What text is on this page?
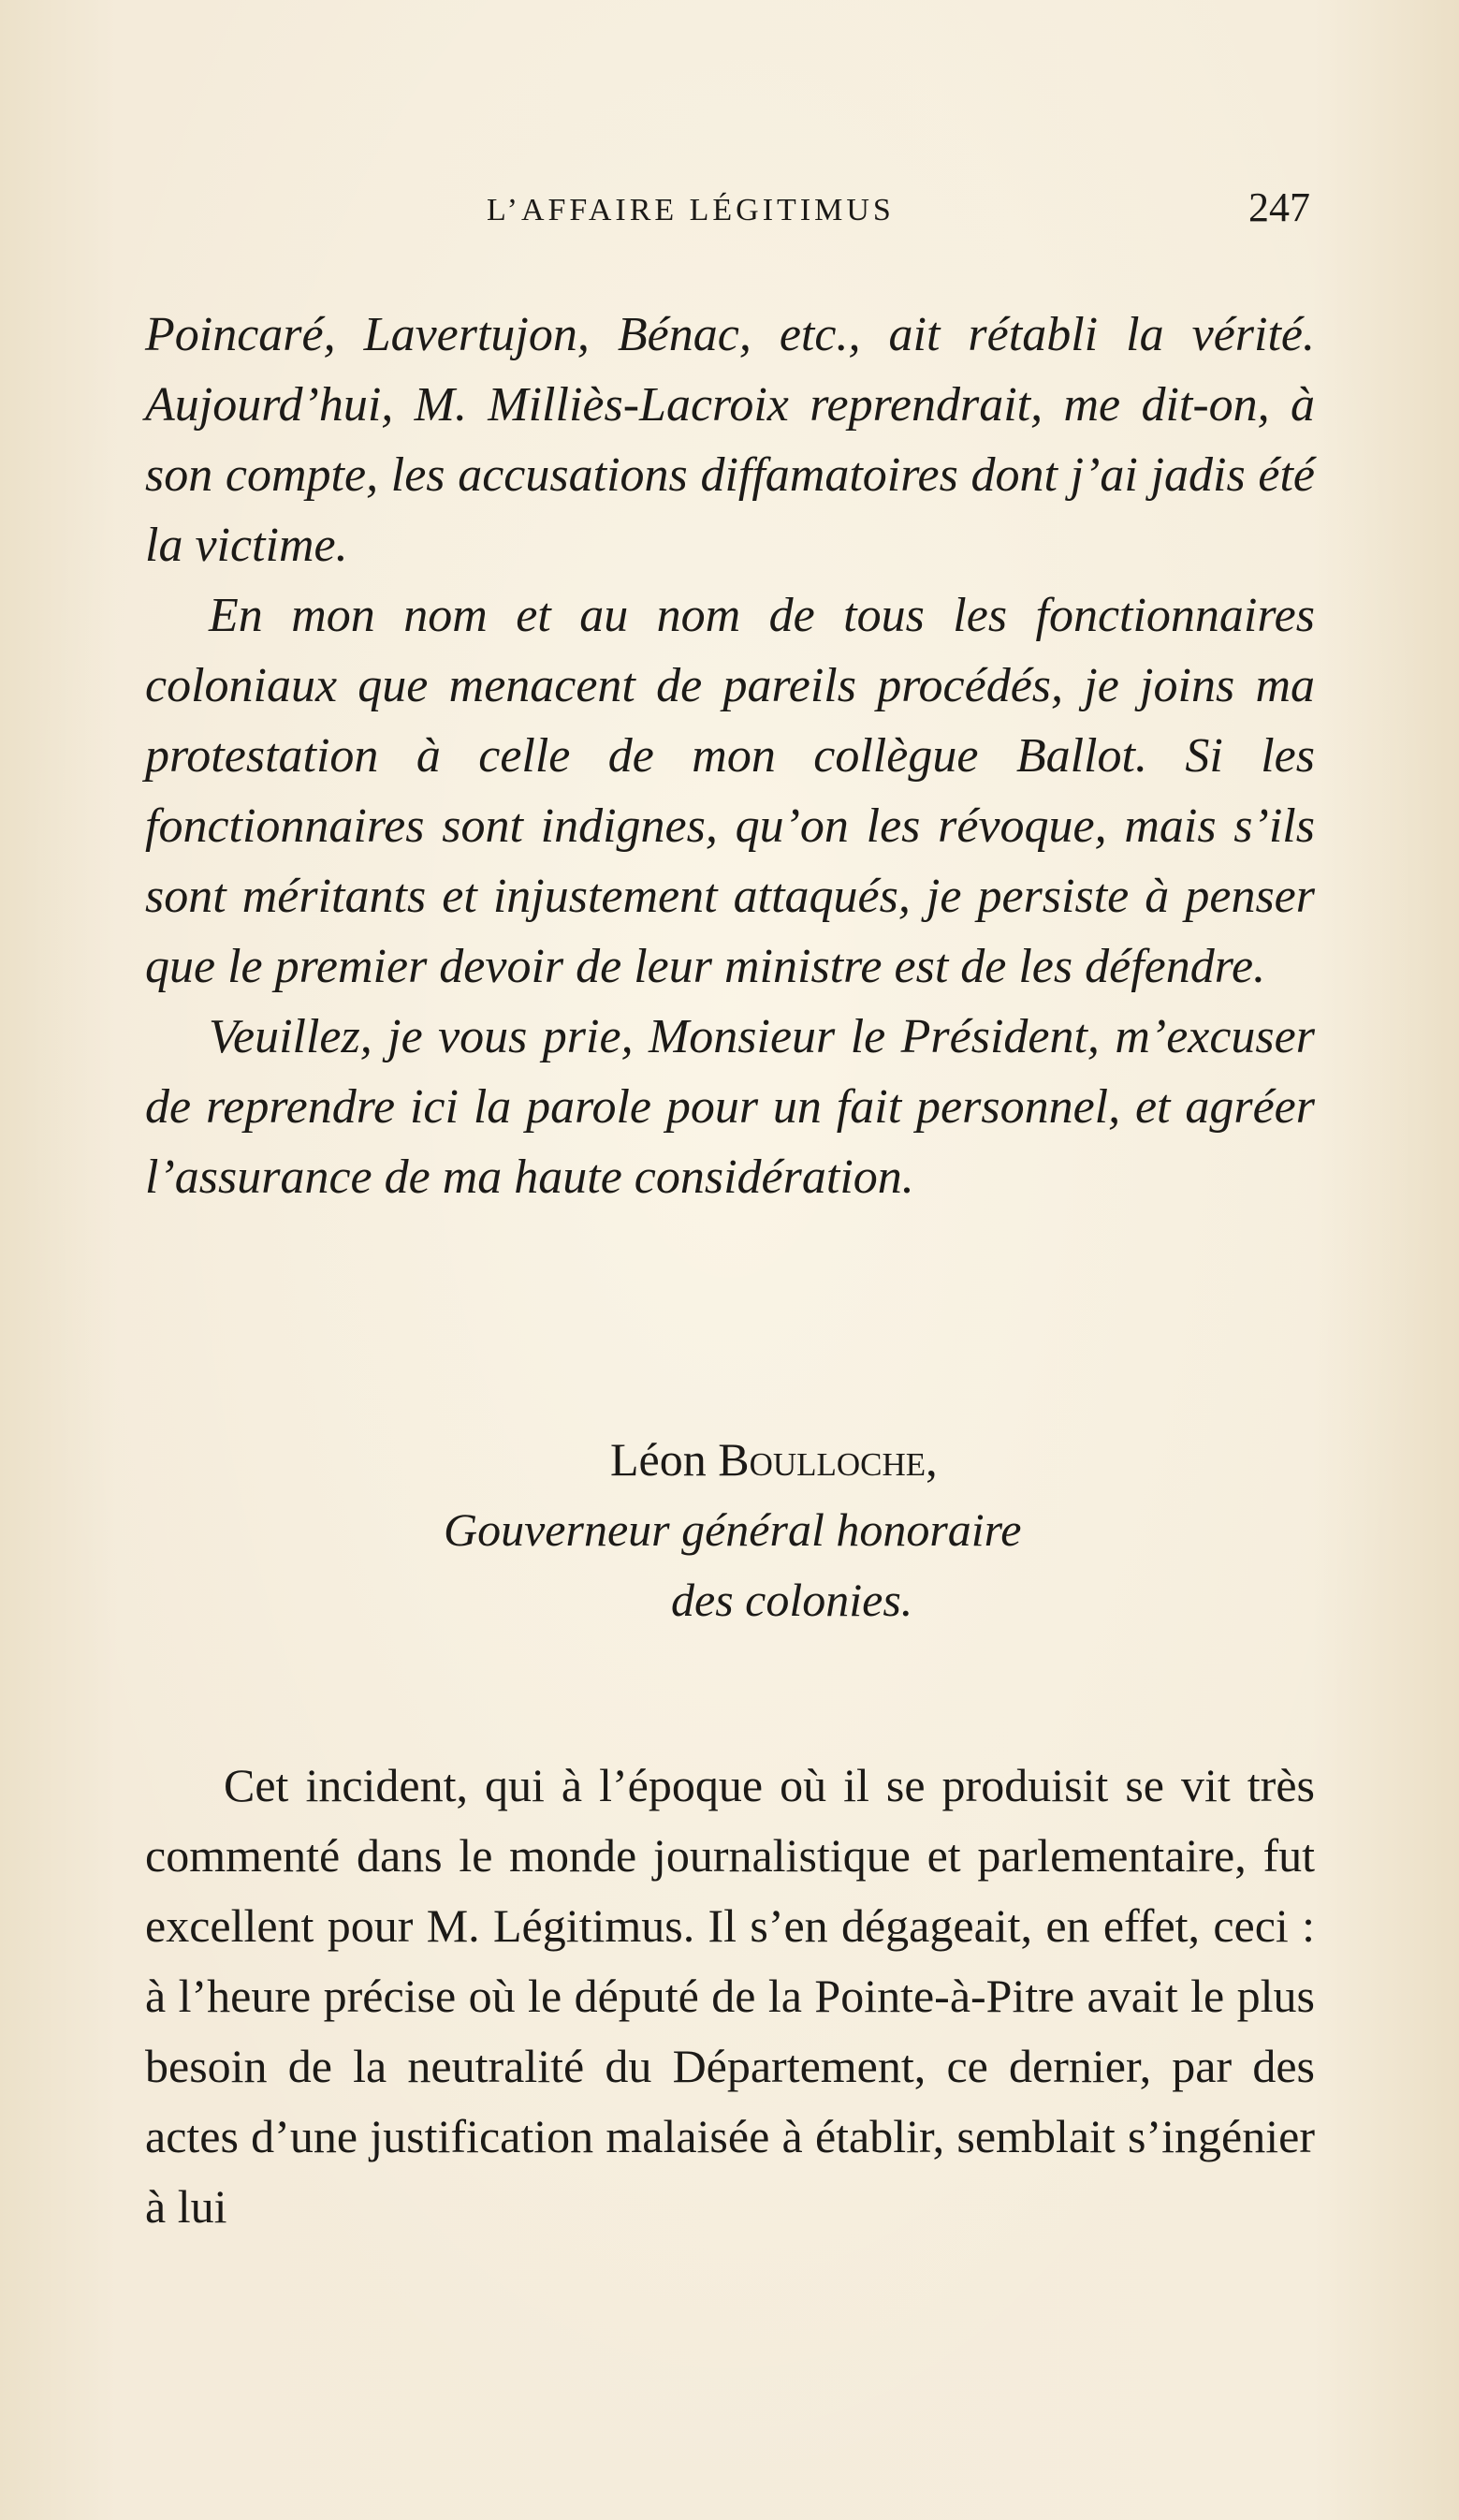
L’AFFAIRE LÉGITIMUS	247

Poincaré, Lavertujon, Bénac, etc., ait rétabli la vérité. Aujourd’hui, M. Milliès-Lacroix reprendrait, me dit-on, à son compte, les accusations diffamatoires dont j’ai jadis été la victime.

En mon nom et au nom de tous les fonctionnaires coloniaux que menacent de pareils procédés, je joins ma protestation à celle de mon collègue Ballot. Si les fonctionnaires sont indignes, qu’on les révoque, mais s’ils sont méritants et injustement attaqués, je persiste à penser que le premier devoir de leur ministre est de les défendre.

Veuillez, je vous prie, Monsieur le Président, m’excuser de reprendre ici la parole pour un fait personnel, et agréer l’assurance de ma haute considération.

Léon Boulloche,
Gouverneur général honoraire
des colonies.

Cet incident, qui à l’époque où il se produisit se vit très commenté dans le monde journalistique et parlementaire, fut excellent pour M. Légitimus. Il s’en dégageait, en effet, ceci : à l’heure précise où le député de la Pointe-à-Pitre avait le plus besoin de la neutralité du Département, ce dernier, par des actes d’une justification malaisée à établir, semblait s’ingénier à lui
